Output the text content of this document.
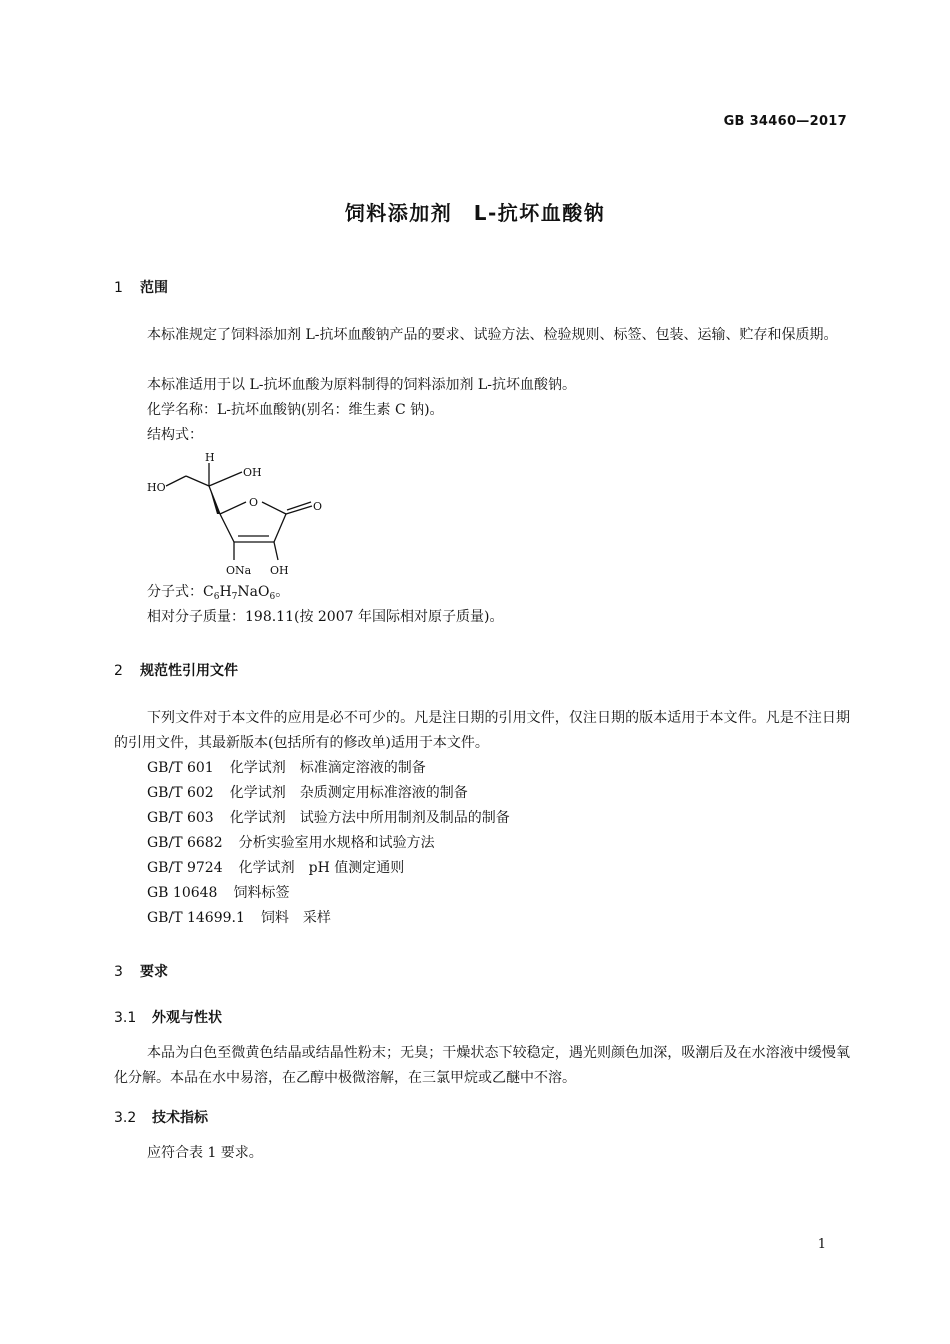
GB 34460—2017
饲料添加剂　L-抗坏血酸钠
1 范围
本标准规定了饲料添加剂 L-抗坏血酸钠产品的要求、试验方法、检验规则、标签、包装、运输、贮存和保质期。
本标准适用于以 L-抗坏血酸为原料制得的饲料添加剂 L-抗坏血酸钠。
化学名称：L-抗坏血酸钠(别名：维生素 C 钠)。
结构式：
H
OH
HO
O	O
ONa OH
分子式：$C_6H_7NaO_6$。
相对分子质量：198.11(按 2007 年国际相对原子质量)。
2 规范性引用文件
下列文件对于本文件的应用是必不可少的。凡是注日期的引用文件，仅注日期的版本适用于本文件。凡是不注日期的引用文件，其最新版本(包括所有的修改单)适用于本文件。
GB/T 601 化学试剂　标准滴定溶液的制备
GB/T 602 化学试剂　杂质测定用标准溶液的制备
GB/T 603 化学试剂　试验方法中所用制剂及制品的制备
GB/T 6682 分析实验室用水规格和试验方法
GB/T 9724 化学试剂　pH 值测定通则
GB 10648 饲料标签
GB/T 14699.1 饲料　采样
3 要求
3.1 外观与性状
本品为白色至微黄色结晶或结晶性粉末；无臭；干燥状态下较稳定，遇光则颜色加深，吸潮后及在水溶液中缓慢氧化分解。本品在水中易溶，在乙醇中极微溶解，在三氯甲烷或乙醚中不溶。
3.2 技术指标
应符合表 1 要求。
1
